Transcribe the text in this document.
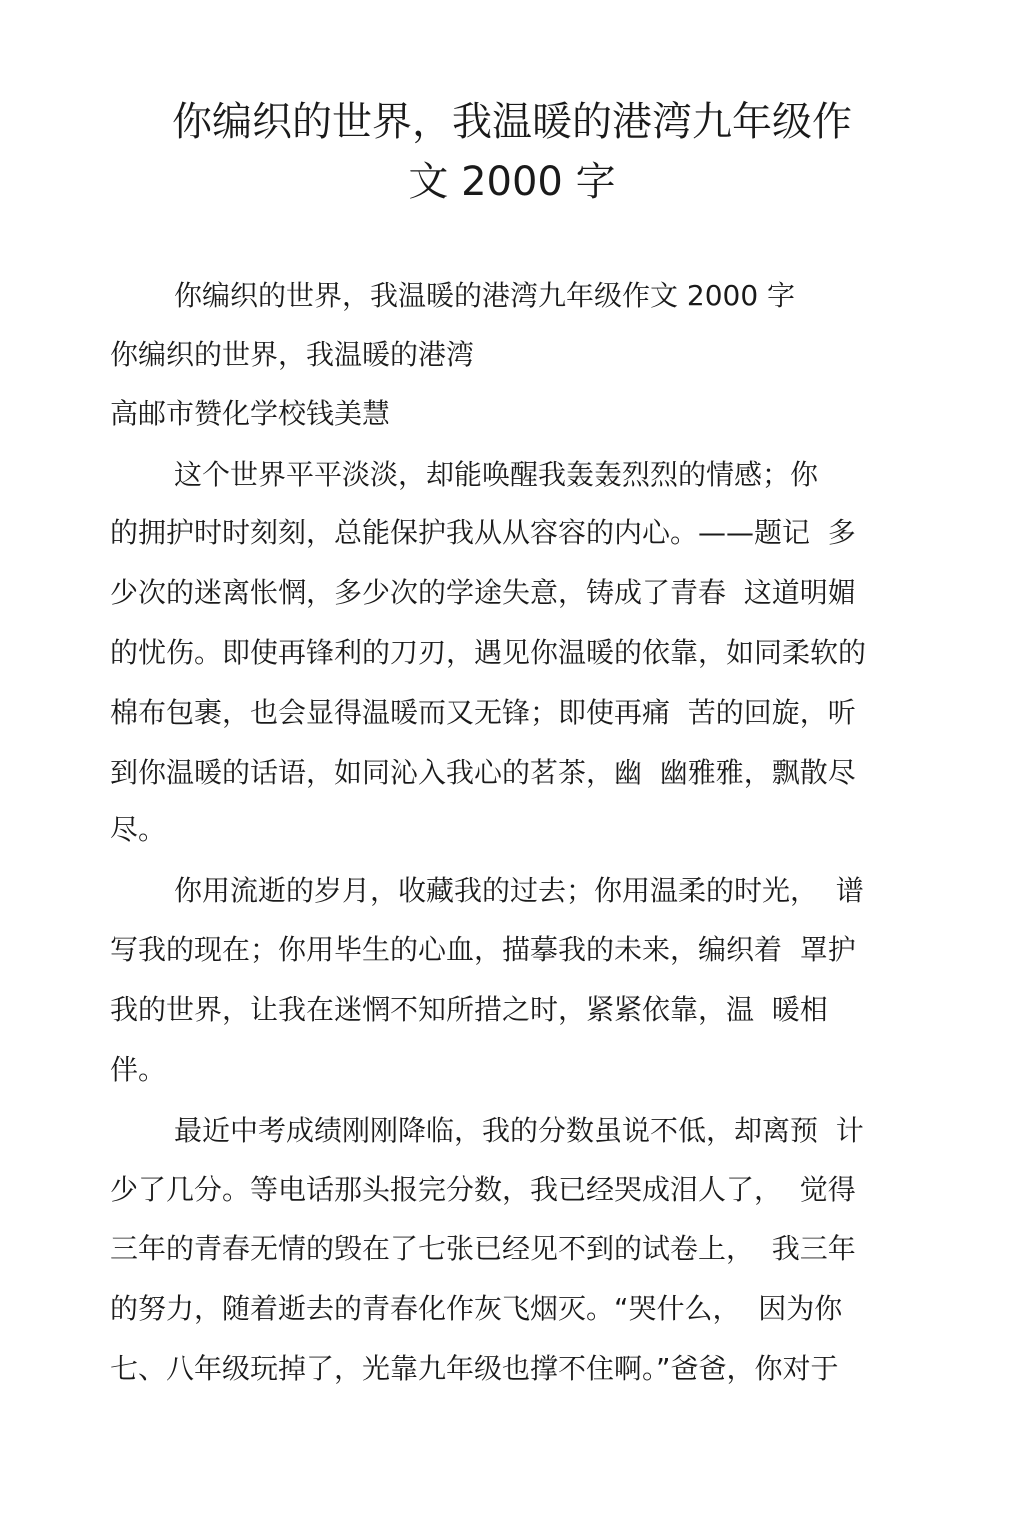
你编织的世界，我温暖的港湾九年级作
文 2000 字
你编织的世界，我温暖的港湾九年级作文 2000 字
你编织的世界，我温暖的港湾
高邮市赞化学校钱美慧
这个世界平平淡淡，却能唤醒我轰轰烈烈的情感；你
的拥护时时刻刻，总能保护我从从容容的内心。——题记  多
少次的迷离怅惘，多少次的学途失意，铸成了青春  这道明媚
的忧伤。即使再锋利的刀刃，遇见你温暖的依靠，如同柔软的
棉布包裹，也会显得温暖而又无锋；即使再痛  苦的回旋，听
到你温暖的话语，如同沁入我心的茗茶，幽  幽雅雅，飘散尽
尽。
你用流逝的岁月，收藏我的过去；你用温柔的时光，  谱
写我的现在；你用毕生的心血，描摹我的未来，编织着  罩护
我的世界，让我在迷惘不知所措之时，紧紧依靠，温  暖相
伴。
最近中考成绩刚刚降临，我的分数虽说不低，却离预  计
少了几分。等电话那头报完分数，我已经哭成泪人了，  觉得
三年的青春无情的毁在了七张已经见不到的试卷上，  我三年
的努力，随着逝去的青春化作灰飞烟灭。“哭什么，  因为你
七、八年级玩掉了，光靠九年级也撑不住啊。”爸爸，你对于
